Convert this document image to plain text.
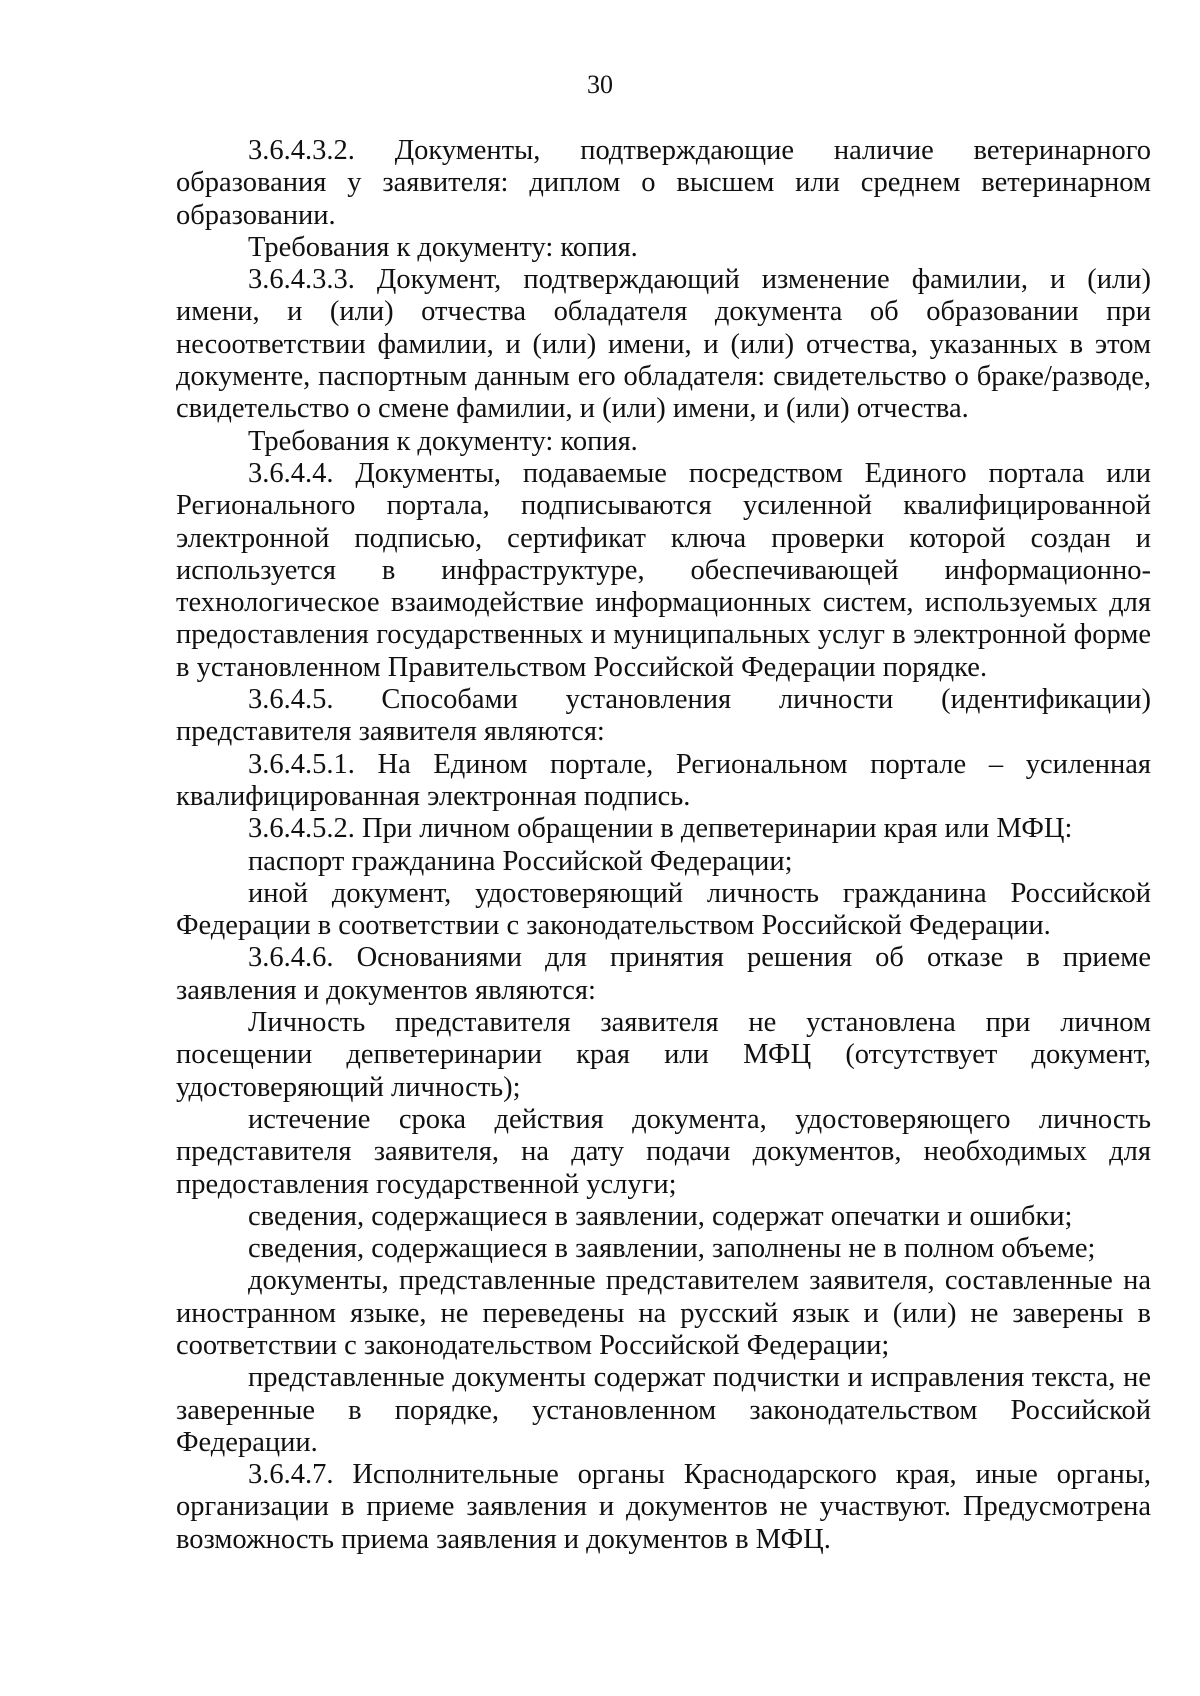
30

3.6.4.3.2. Документы, подтверждающие наличие ветеринарного образования у заявителя: диплом о высшем или среднем ветеринарном образовании.

Требования к документу: копия.

3.6.4.3.3. Документ, подтверждающий изменение фамилии, и (или) имени, и (или) отчества обладателя документа об образовании при несоответствии фамилии, и (или) имени, и (или) отчества, указанных в этом документе, паспортным данным его обладателя: свидетельство о браке/разводе, свидетельство о смене фамилии, и (или) имени, и (или) отчества.

Требования к документу: копия.

3.6.4.4. Документы, подаваемые посредством Единого портала или Регионального портала, подписываются усиленной квалифицированной электронной подписью, сертификат ключа проверки которой создан и используется в инфраструктуре, обеспечивающей информационно-технологическое взаимодействие информационных систем, используемых для предоставления государственных и муниципальных услуг в электронной форме в установленном Правительством Российской Федерации порядке.

3.6.4.5. Способами установления личности (идентификации) представителя заявителя являются:

3.6.4.5.1. На Едином портале, Региональном портале – усиленная квалифицированная электронная подпись.

3.6.4.5.2. При личном обращении в депветеринарии края или МФЦ:

паспорт гражданина Российской Федерации;

иной документ, удостоверяющий личность гражданина Российской Федерации в соответствии с законодательством Российской Федерации.

3.6.4.6. Основаниями для принятия решения об отказе в приеме заявления и документов являются:

Личность представителя заявителя не установлена при личном посещении депветеринарии края или МФЦ (отсутствует документ, удостоверяющий личность);

истечение срока действия документа, удостоверяющего личность представителя заявителя, на дату подачи документов, необходимых для предоставления государственной услуги;

сведения, содержащиеся в заявлении, содержат опечатки и ошибки;

сведения, содержащиеся в заявлении, заполнены не в полном объеме;

документы, представленные представителем заявителя, составленные на иностранном языке, не переведены на русский язык и (или) не заверены в соответствии с законодательством Российской Федерации;

представленные документы содержат подчистки и исправления текста, не заверенные в порядке, установленном законодательством Российской Федерации.

3.6.4.7. Исполнительные органы Краснодарского края, иные органы, организации в приеме заявления и документов не участвуют. Предусмотрена возможность приема заявления и документов в МФЦ.
